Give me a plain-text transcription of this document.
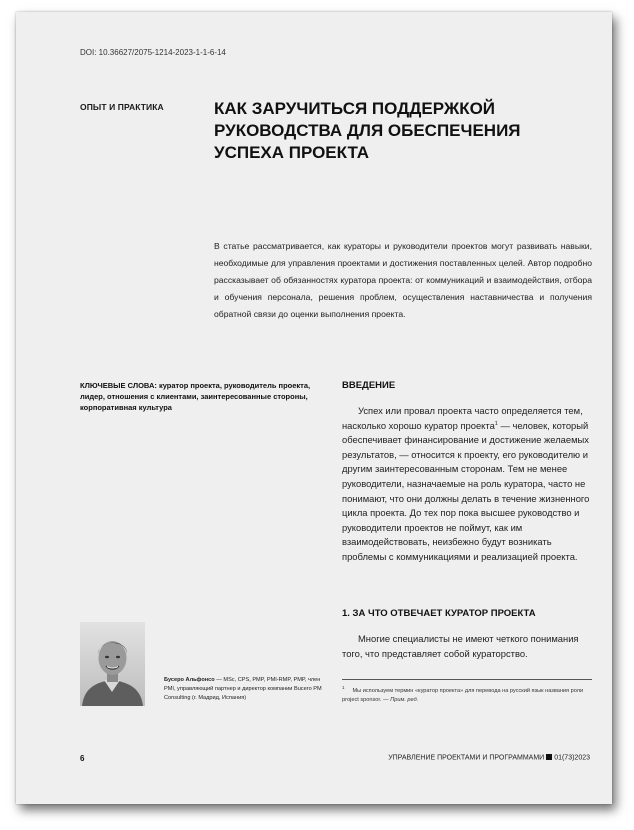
DOI: 10.36627/2075-1214-2023-1-1-6-14
ОПЫТ И ПРАКТИКА	КАК ЗАРУЧИТЬСЯ ПОДДЕРЖКОЙ РУКОВОДСТВА ДЛЯ ОБЕСПЕЧЕНИЯ УСПЕХА ПРОЕКТА
В статье рассматривается, как кураторы и руководители проектов могут развивать навыки, необходимые для управления проектами и достижения поставленных целей. Автор подробно рассказывает об обязанностях куратора проекта: от коммуникаций и взаимодействия, отбора и обучения персонала, решения проблем, осуществления наставничества и получения обратной связи до оценки выполнения проекта.
КЛЮЧЕВЫЕ СЛОВА: куратор проекта, руководитель проекта, лидер, отношения с клиентами, заинтересованные стороны, корпоративная культура
ВВЕДЕНИЕ
Успех или провал проекта часто определяется тем, насколько хорошо куратор проекта$^1$ — человек, который обеспечивает финансирование и достижение желаемых результатов, — относится к проекту, его руководителю и другим заинтересованным сторонам. Тем не менее руководители, назначаемые на роль куратора, часто не понимают, что они должны делать в течение жизненного цикла проекта. До тех пор пока высшее руководство и руководители проектов не поймут, как им взаимодействовать, неизбежно будут возникать проблемы с коммуникациями и реализацией проекта.
1. ЗА ЧТО ОТВЕЧАЕТ КУРАТОР ПРОЕКТА
Многие специалисты не имеют четкого понимания того, что представляет собой кураторство.
$^1$Мы используем термин «куратор проекта» для перевода на русский язык названия роли project sponsor. — Прим. ред.
Бусеро Альфонсо — MSc, CPS, PMP, PMI-RMP, PMP, член PMI, управляющий партнер и директор компании Bucero PM Consulting (г. Мадрид, Испания)
6	УПРАВЛЕНИЕ ПРОЕКТАМИ И ПРОГРАММАМИ 01(73)2023
